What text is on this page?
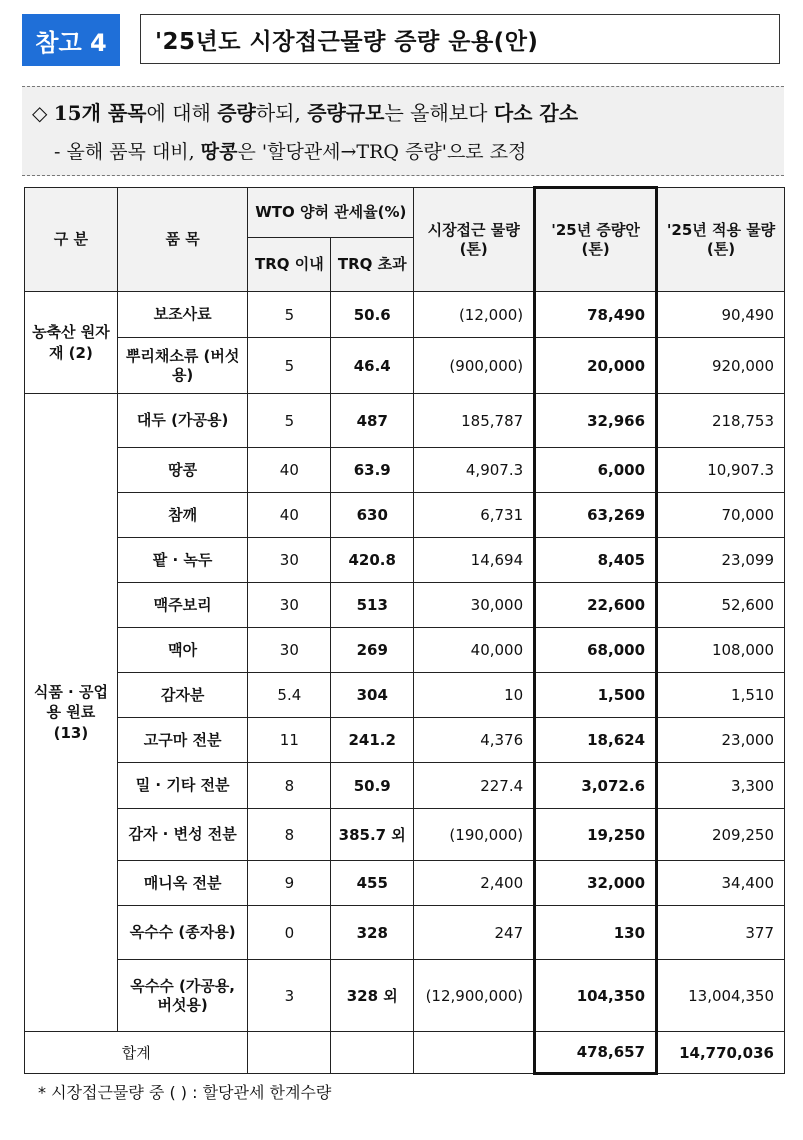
참고 4	'25년도 시장접근물량 증량 운용(안)
◇ 15개 품목에 대해 증량하되, 증량규모는 올해보다 다소 감소
- 올해 품목 대비, 땅콩은 '할당관세→TRQ 증량'으로 조정
구 분	품 목	WTO 양허 관세율(%)		시장접근 물량 (톤)	'25년 증량안(톤)	'25년 적용 물량 (톤)
		TRQ 이내	TRQ 초과			
농축산 원자재 (2)	보조사료	5	50.6	(12,000)	78,490	90,490
	뿌리채소류 (버섯용)	5	46.4	(900,000)	20,000	920,000
식품 · 공업용 원료 (13)	대두 (가공용)	5	487	185,787	32,966	218,753
	땅콩	40	63.9	4,907.3	6,000	10,907.3
	참깨	40	630	6,731	63,269	70,000
	팥 · 녹두	30	420.8	14,694	8,405	23,099
	맥주보리	30	513	30,000	22,600	52,600
	맥아	30	269	40,000	68,000	108,000
	감자분	5.4	304	10	1,500	1,510
	고구마 전분	11	241.2	4,376	18,624	23,000
	밀 · 기타 전분	8	50.9	227.4	3,072.6	3,300
	감자 · 변성 전분	8	385.7 외	(190,000)	19,250	209,250
	매니옥 전분	9	455	2,400	32,000	34,400
	옥수수 (종자용)	0	328	247	130	377
	옥수수 (가공용, 버섯용)	3	328 외	(12,900,000)	104,350	13,004,350
합계					478,657	14,770,036
* 시장접근물량 중 ( ) : 할당관세 한계수량
